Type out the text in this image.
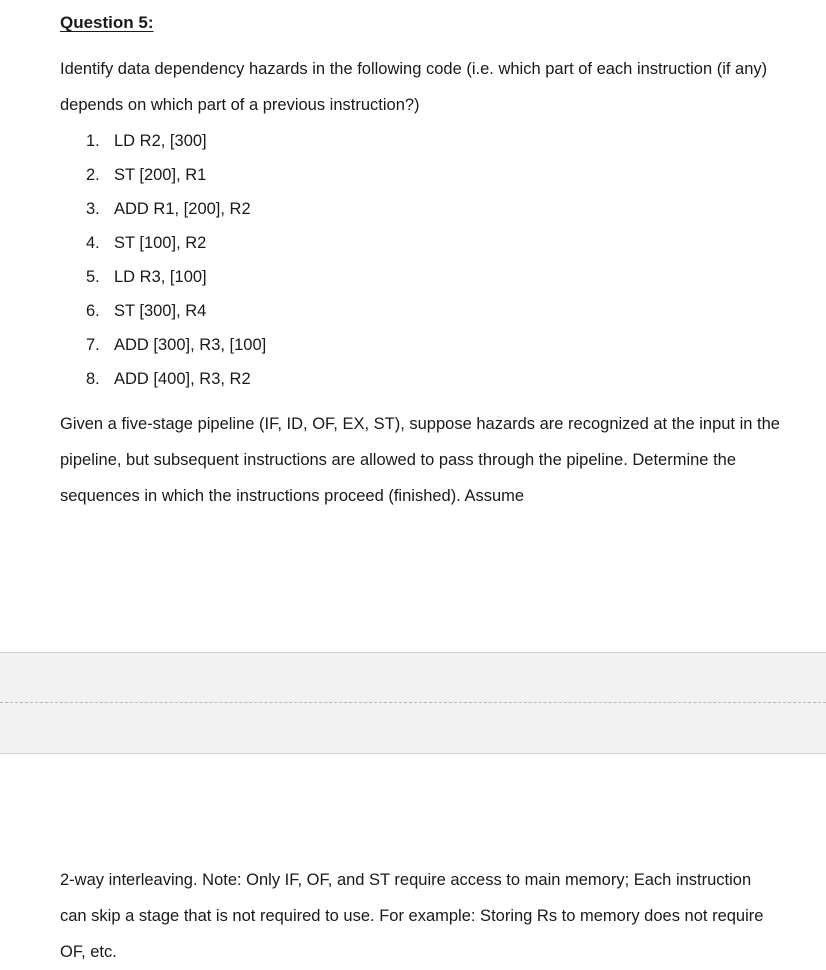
Question 5:

Identify data dependency hazards in the following code (i.e. which part of each instruction (if any) depends on which part of a previous instruction?)

1. LD R2, [300]
2. ST [200], R1
3. ADD R1, [200], R2
4. ST [100], R2
5. LD R3, [100]
6. ST [300], R4
7. ADD [300], R3, [100]
8. ADD [400], R3, R2

Given a five-stage pipeline (IF, ID, OF, EX, ST), suppose hazards are recognized at the input in the pipeline, but subsequent instructions are allowed to pass through the pipeline. Determine the sequences in which the instructions proceed (finished). Assume

2-way interleaving. Note: Only IF, OF, and ST require access to main memory; Each instruction can skip a stage that is not required to use. For example: Storing Rs to memory does not require OF, etc.
